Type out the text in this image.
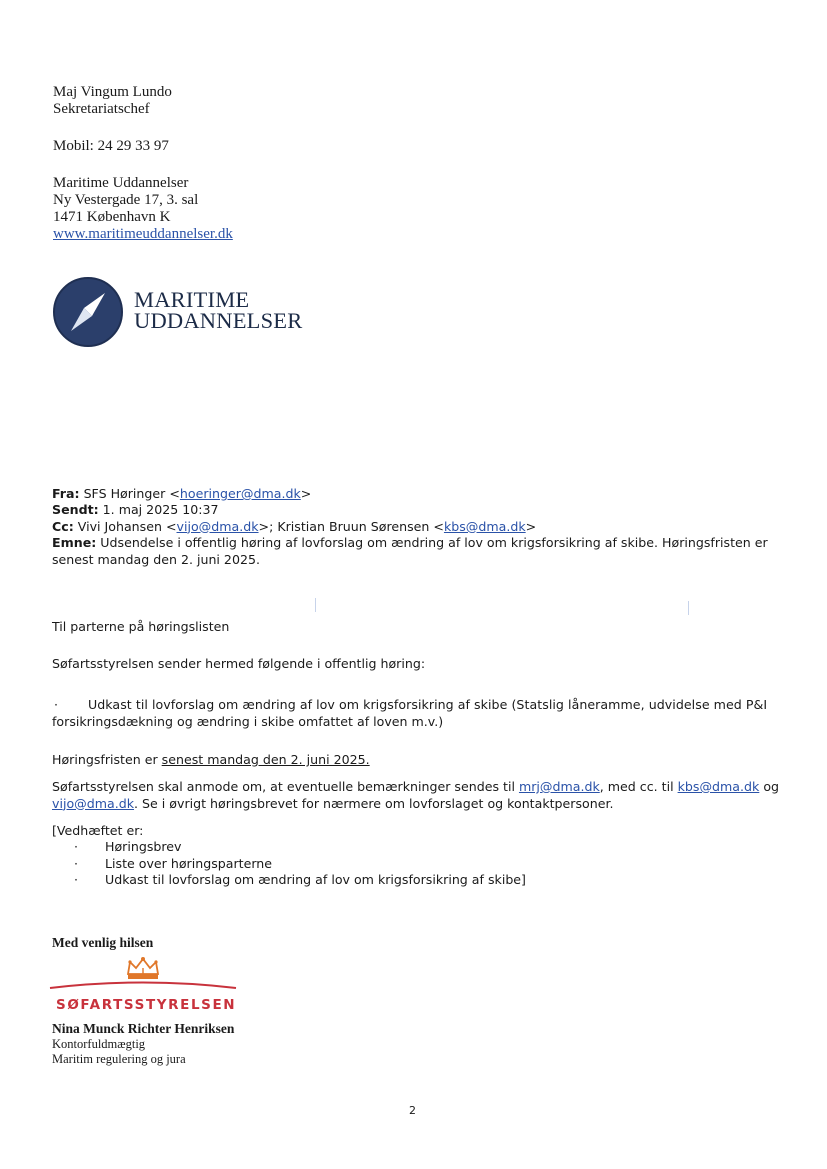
Maj Vingum Lundo
Sekretariatschef
Mobil: 24 29 33 97
Maritime Uddannelser
Ny Vestergade 17, 3. sal
1471 København K
www.maritimeuddannelser.dk
MARITIME
UDDANNELSER
Fra: SFS Høringer <hoeringer@dma.dk>
Sendt: 1. maj 2025 10:37
Cc: Vivi Johansen <vijo@dma.dk>; Kristian Bruun Sørensen <kbs@dma.dk>
Emne: Udsendelse i offentlig høring af lovforslag om ændring af lov om krigsforsikring af skibe. Høringsfristen er
senest mandag den 2. juni 2025.
Til parterne på høringslisten
Søfartsstyrelsen sender hermed følgende i offentlig høring:
· Udkast til lovforslag om ændring af lov om krigsforsikring af skibe (Statslig låneramme, udvidelse med P&I
forsikringsdækning og ændring i skibe omfattet af loven m.v.)
Høringsfristen er senest mandag den 2. juni 2025.
Søfartsstyrelsen skal anmode om, at eventuelle bemærkninger sendes til mrj@dma.dk, med cc. til kbs@dma.dk og
vijo@dma.dk. Se i øvrigt høringsbrevet for nærmere om lovforslaget og kontaktpersoner.
[Vedhæftet er:
· Høringsbrev
· Liste over høringsparterne
· Udkast til lovforslag om ændring af lov om krigsforsikring af skibe]
Med venlig hilsen
SØFARTSSTYRELSEN
Nina Munck Richter Henriksen
Kontorfuldmægtig
Maritim regulering og jura
2
